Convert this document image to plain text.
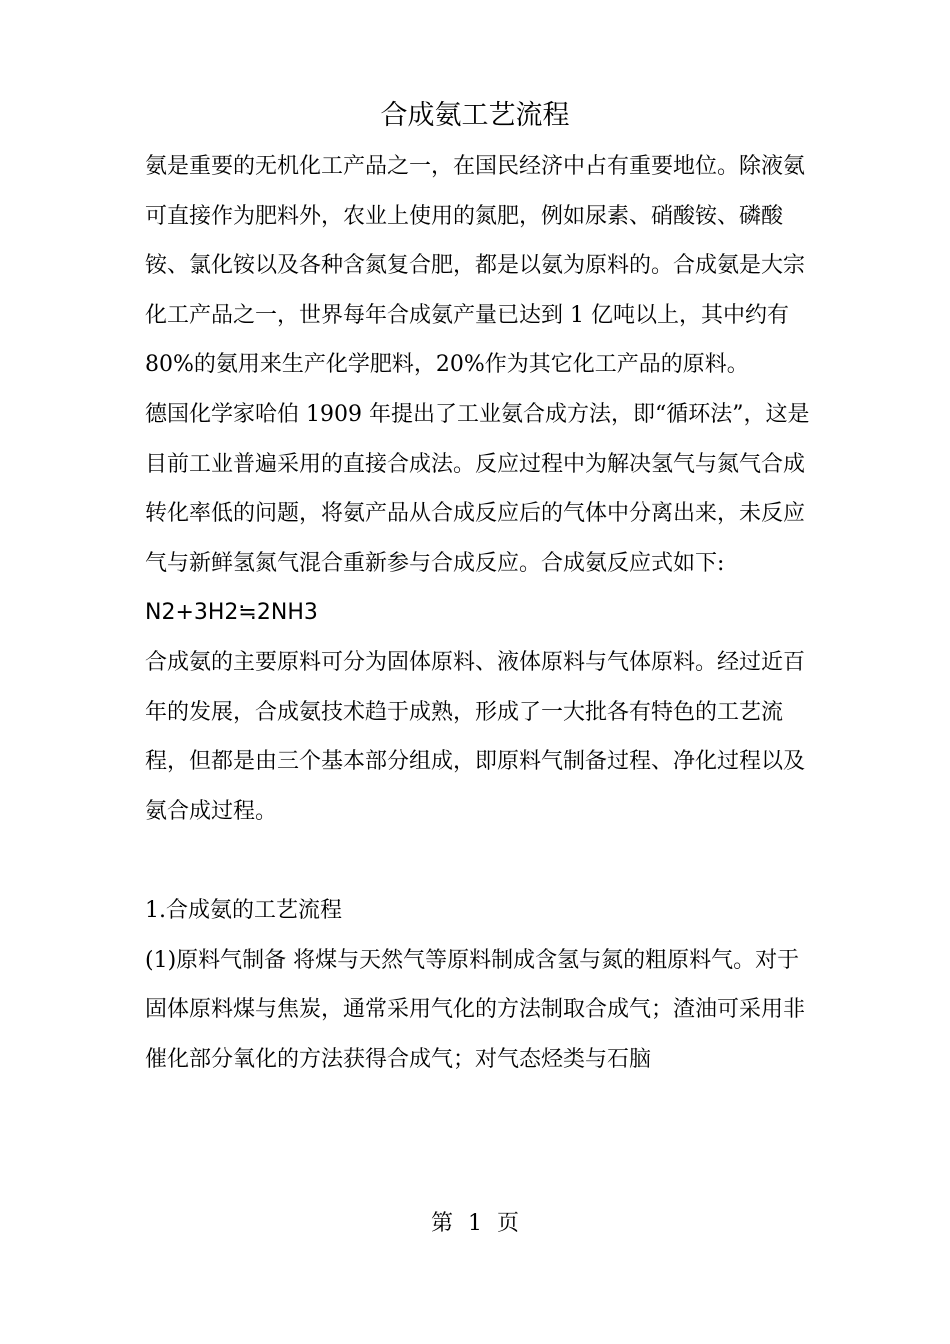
合成氨工艺流程

氨是重要的无机化工产品之一，在国民经济中占有重要地位。除液氨可直接作为肥料外，农业上使用的氮肥，例如尿素、硝酸铵、磷酸铵、氯化铵以及各种含氮复合肥，都是以氨为原料的。合成氨是大宗化工产品之一，世界每年合成氨产量已达到 1 亿吨以上，其中约有 80%的氨用来生产化学肥料，20%作为其它化工产品的原料。

德国化学家哈伯 1909 年提出了工业氨合成方法，即“循环法”，这是目前工业普遍采用的直接合成法。反应过程中为解决氢气与氮气合成转化率低的问题，将氨产品从合成反应后的气体中分离出来，未反应气与新鲜氢氮气混合重新参与合成反应。合成氨反应式如下:

N2+3H2≒2NH3

合成氨的主要原料可分为固体原料、液体原料与气体原料。经过近百年的发展，合成氨技术趋于成熟，形成了一大批各有特色的工艺流程，但都是由三个基本部分组成，即原料气制备过程、净化过程以及氨合成过程。

1.合成氨的工艺流程

(1)原料气制备 将煤与天然气等原料制成含氢与氮的粗原料气。对于固体原料煤与焦炭，通常采用气化的方法制取合成气；渣油可采用非催化部分氧化的方法获得合成气；对气态烃类与石脑

第 1 页
